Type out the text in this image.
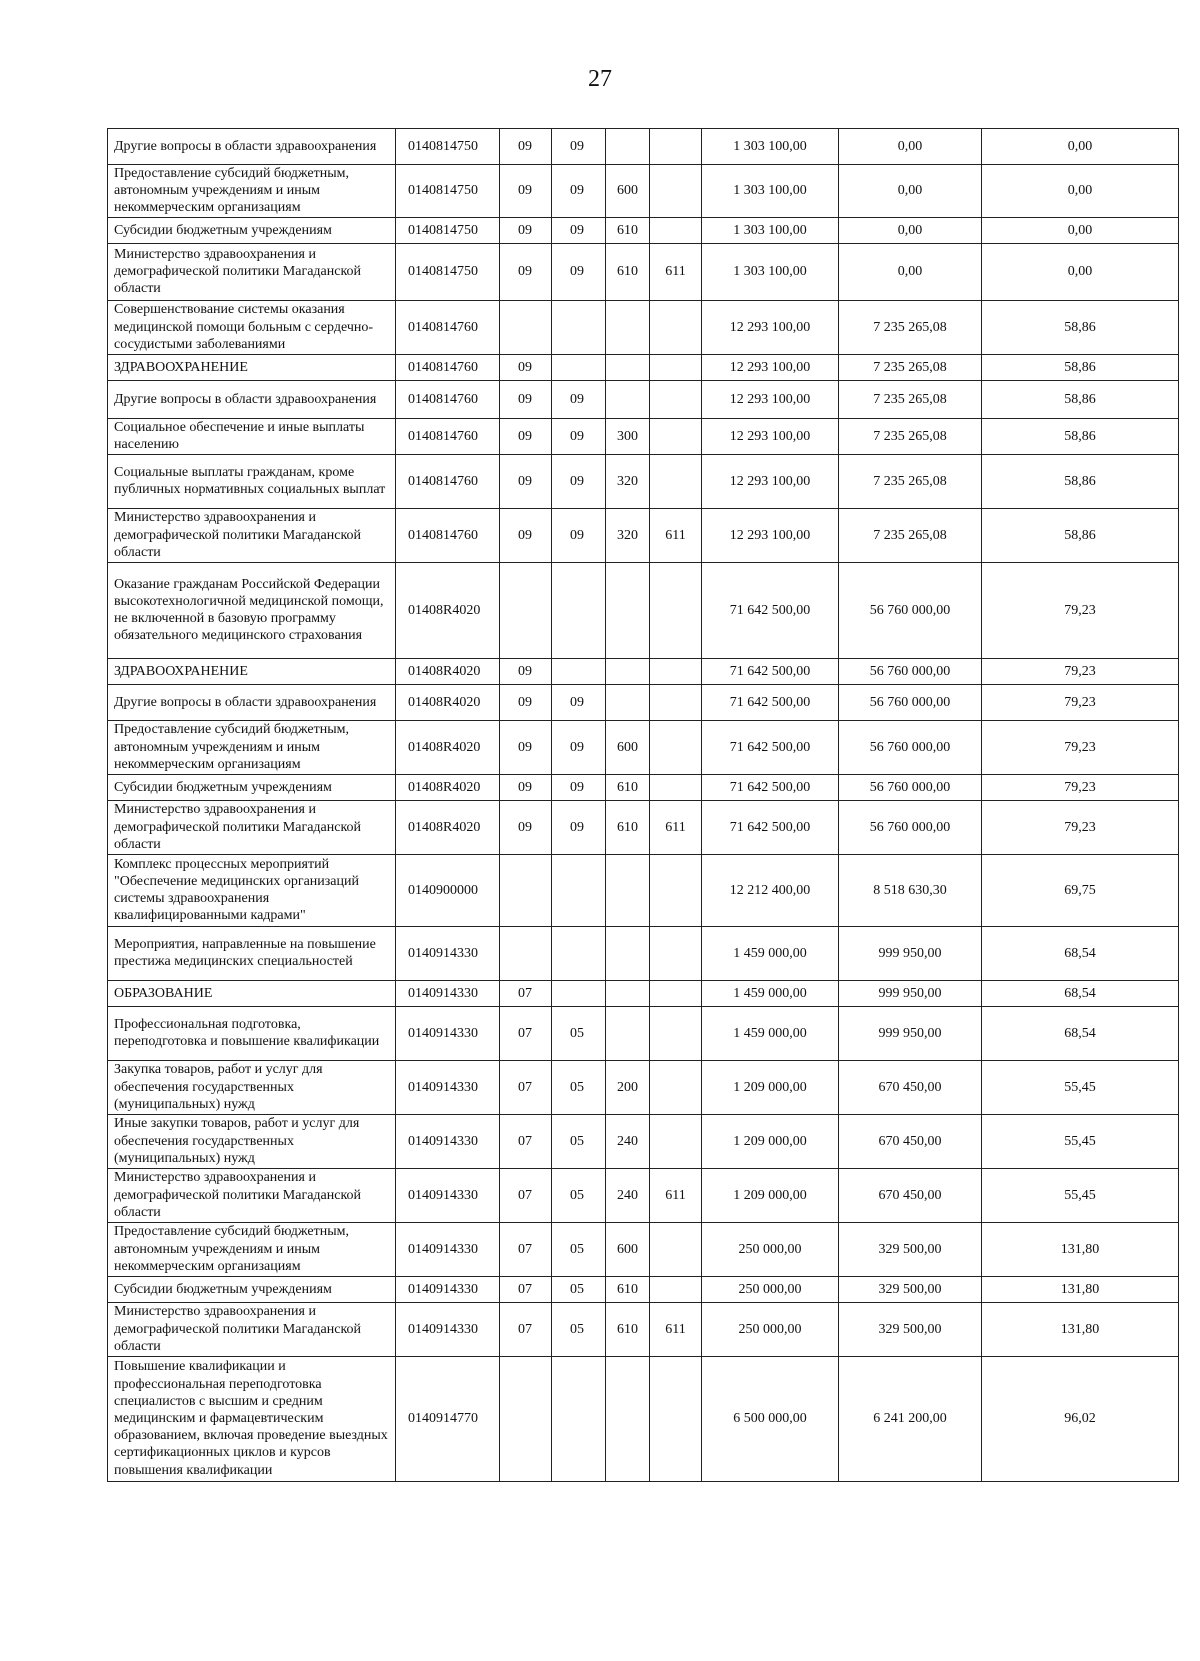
27
Другие вопросы в области здравоохранения	0140814750	09	09			1 303 100,00	0,00	0,00
Предоставление субсидий бюджетным, автономным учреждениям и иным некоммерческим организациям	0140814750	09	09	600		1 303 100,00	0,00	0,00
Субсидии бюджетным учреждениям	0140814750	09	09	610		1 303 100,00	0,00	0,00
Министерство здравоохранения и демографической политики Магаданской области	0140814750	09	09	610	611	1 303 100,00	0,00	0,00
Совершенствование системы оказания медицинской помощи больным с сердечно-сосудистыми заболеваниями	0140814760					12 293 100,00	7 235 265,08	58,86
ЗДРАВООХРАНЕНИЕ	0140814760	09				12 293 100,00	7 235 265,08	58,86
Другие вопросы в области здравоохранения	0140814760	09	09			12 293 100,00	7 235 265,08	58,86
Социальное обеспечение и иные выплаты населению	0140814760	09	09	300		12 293 100,00	7 235 265,08	58,86
Социальные выплаты гражданам, кроме публичных нормативных социальных выплат	0140814760	09	09	320		12 293 100,00	7 235 265,08	58,86
Министерство здравоохранения и демографической политики Магаданской области	0140814760	09	09	320	611	12 293 100,00	7 235 265,08	58,86
Оказание гражданам Российской Федерации высокотехнологичной медицинской помощи, не включенной в базовую программу обязательного медицинского страхования	01408R4020					71 642 500,00	56 760 000,00	79,23
ЗДРАВООХРАНЕНИЕ	01408R4020	09				71 642 500,00	56 760 000,00	79,23
Другие вопросы в области здравоохранения	01408R4020	09	09			71 642 500,00	56 760 000,00	79,23
Предоставление субсидий бюджетным, автономным учреждениям и иным некоммерческим организациям	01408R4020	09	09	600		71 642 500,00	56 760 000,00	79,23
Субсидии бюджетным учреждениям	01408R4020	09	09	610		71 642 500,00	56 760 000,00	79,23
Министерство здравоохранения и демографической политики Магаданской области	01408R4020	09	09	610	611	71 642 500,00	56 760 000,00	79,23
Комплекс процессных мероприятий "Обеспечение медицинских организаций системы здравоохранения квалифицированными кадрами"	0140900000					12 212 400,00	8 518 630,30	69,75
Мероприятия, направленные на повышение престижа медицинских специальностей	0140914330					1 459 000,00	999 950,00	68,54
ОБРАЗОВАНИЕ	0140914330	07				1 459 000,00	999 950,00	68,54
Профессиональная подготовка, переподготовка и повышение квалификации	0140914330	07	05			1 459 000,00	999 950,00	68,54
Закупка товаров, работ и услуг для обеспечения государственных (муниципальных) нужд	0140914330	07	05	200		1 209 000,00	670 450,00	55,45
Иные закупки товаров, работ и услуг для обеспечения государственных (муниципальных) нужд	0140914330	07	05	240		1 209 000,00	670 450,00	55,45
Министерство здравоохранения и демографической политики Магаданской области	0140914330	07	05	240	611	1 209 000,00	670 450,00	55,45
Предоставление субсидий бюджетным, автономным учреждениям и иным некоммерческим организациям	0140914330	07	05	600		250 000,00	329 500,00	131,80
Субсидии бюджетным учреждениям	0140914330	07	05	610		250 000,00	329 500,00	131,80
Министерство здравоохранения и демографической политики Магаданской области	0140914330	07	05	610	611	250 000,00	329 500,00	131,80
Повышение квалификации и профессиональная переподготовка специалистов с высшим и средним медицинским и фармацевтическим образованием, включая проведение выездных сертификационных циклов и курсов повышения квалификации	0140914770					6 500 000,00	6 241 200,00	96,02
